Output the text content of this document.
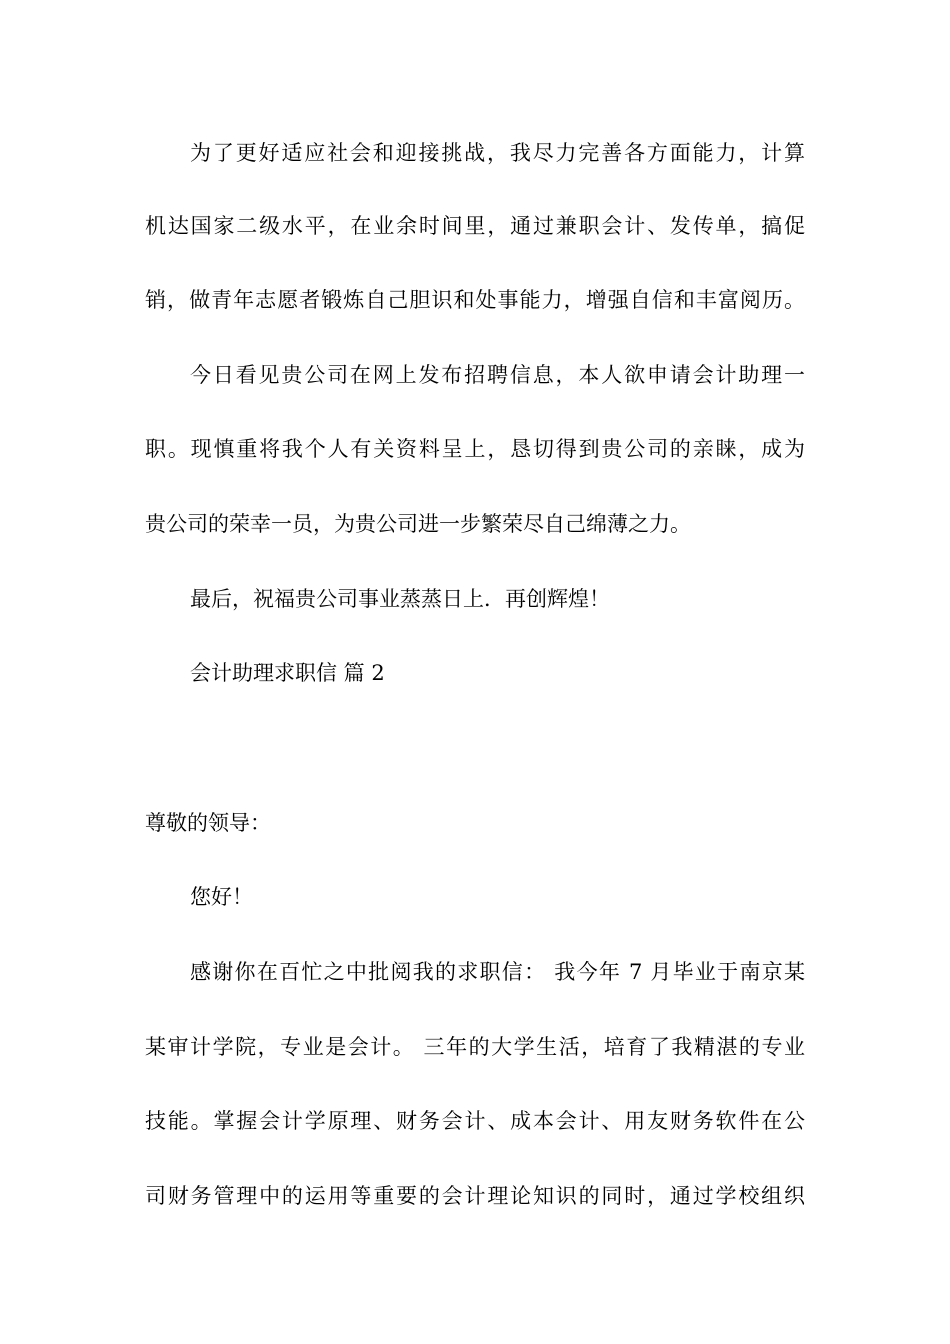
为了更好适应社会和迎接挑战，我尽力完善各方面能力，计算
机达国家二级水平，在业余时间里，通过兼职会计、发传单，搞促
销，做青年志愿者锻炼自己胆识和处事能力，增强自信和丰富阅历。
今日看见贵公司在网上发布招聘信息，本人欲申请会计助理一
职。现慎重将我个人有关资料呈上，恳切得到贵公司的亲睐，成为
贵公司的荣幸一员，为贵公司进一步繁荣尽自己绵薄之力。
最后，祝福贵公司事业蒸蒸日上．再创辉煌！
会计助理求职信 篇 2
尊敬的领导：
您好！
感谢你在百忙之中批阅我的求职信： 我今年 7 月毕业于南京某
某审计学院，专业是会计。 三年的大学生活，培育了我精湛的专业
技能。掌握会计学原理、财务会计、成本会计、用友财务软件在公
司财务管理中的运用等重要的会计理论知识的同时，通过学校组织
